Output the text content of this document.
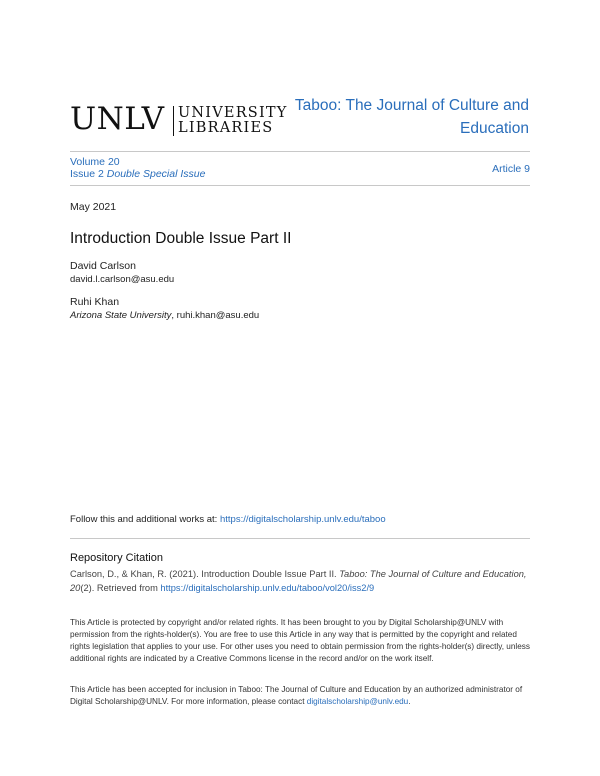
UNLV UNIVERSITY
LIBRARIES
Taboo: The Journal of Culture and
Education
Volume 20
Issue 2 Double Special Issue	Article 9
May 2021
Introduction Double Issue Part II
David Carlson
david.l.carlson@asu.edu
Ruhi Khan
Arizona State University, ruhi.khan@asu.edu
Follow this and additional works at: https://digitalscholarship.unlv.edu/taboo
Repository Citation
Carlson, D., & Khan, R. (2021). Introduction Double Issue Part II. Taboo: The Journal of Culture and Education, 20(2). Retrieved from https://digitalscholarship.unlv.edu/taboo/vol20/iss2/9
This Article is protected by copyright and/or related rights. It has been brought to you by Digital Scholarship@UNLV with permission from the rights-holder(s). You are free to use this Article in any way that is permitted by the copyright and related rights legislation that applies to your use. For other uses you need to obtain permission from the rights-holder(s) directly, unless additional rights are indicated by a Creative Commons license in the record and/or on the work itself.
This Article has been accepted for inclusion in Taboo: The Journal of Culture and Education by an authorized administrator of Digital Scholarship@UNLV. For more information, please contact digitalscholarship@unlv.edu.
